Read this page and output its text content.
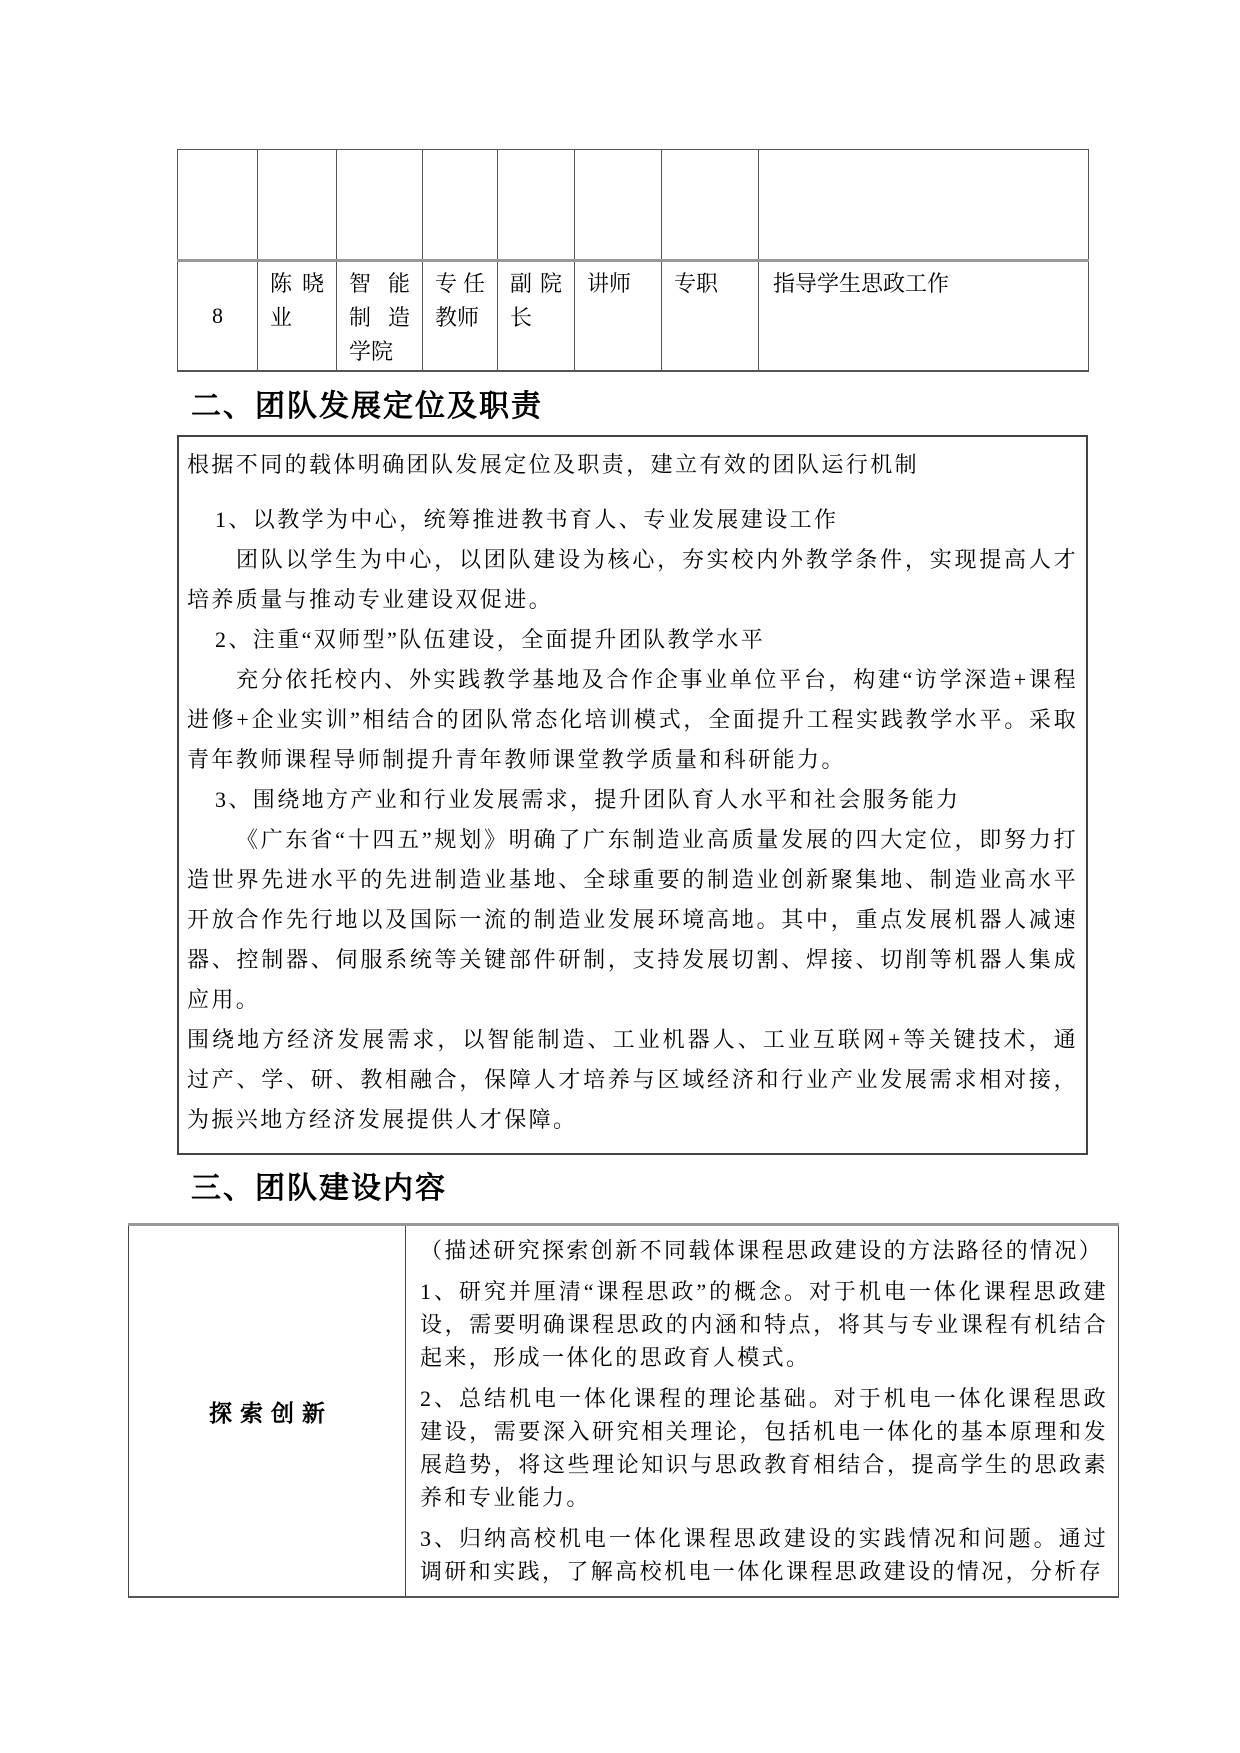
8	陈晓业	智能制造学院	专任教师	副院长	讲师	专职	指导学生思政工作
二、团队发展定位及职责

根据不同的载体明确团队发展定位及职责，建立有效的团队运行机制

1、以教学为中心，统筹推进教书育人、专业发展建设工作

团队以学生为中心，以团队建设为核心，夯实校内外教学条件，实现提高人才培养质量与推动专业建设双促进。

2、注重“双师型”队伍建设，全面提升团队教学水平

充分依托校内、外实践教学基地及合作企事业单位平台，构建“访学深造+课程进修+企业实训”相结合的团队常态化培训模式，全面提升工程实践教学水平。采取青年教师课程导师制提升青年教师课堂教学质量和科研能力。

3、围绕地方产业和行业发展需求，提升团队育人水平和社会服务能力

《广东省“十四五”规划》明确了广东制造业高质量发展的四大定位，即努力打造世界先进水平的先进制造业基地、全球重要的制造业创新聚集地、制造业高水平开放合作先行地以及国际一流的制造业发展环境高地。其中，重点发展机器人减速器、控制器、伺服系统等关键部件研制，支持发展切割、焊接、切削等机器人集成应用。

围绕地方经济发展需求，以智能制造、工业机器人、工业互联网+等关键技术，通过产、学、研、教相融合，保障人才培养与区域经济和行业产业发展需求相对接，为振兴地方经济发展提供人才保障。

三、团队建设内容
探索创新	

（描述研究探索创新不同载体课程思政建设的方法路径的情况）

1、研究并厘清“课程思政”的概念。对于机电一体化课程思政建设，需要明确课程思政的内涵和特点，将其与专业课程有机结合起来，形成一体化的思政育人模式。

2、总结机电一体化课程的理论基础。对于机电一体化课程思政建设，需要深入研究相关理论，包括机电一体化的基本原理和发展趋势，将这些理论知识与思政教育相结合，提高学生的思政素养和专业能力。

3、归纳高校机电一体化课程思政建设的实践情况和问题。通过调研和实践，了解高校机电一体化课程思政建设的情况，分析存
